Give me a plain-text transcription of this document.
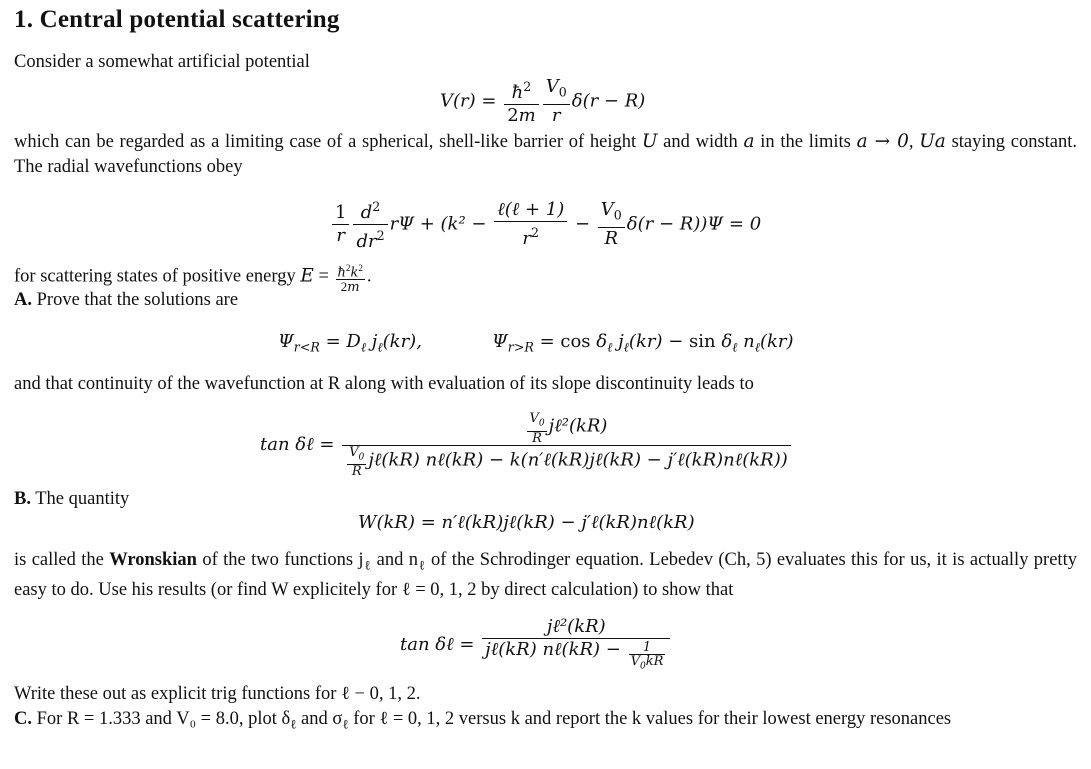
1. Central potential scattering

Consider a somewhat artificial potential

$V(r) = \frac{ħ^2}{2m} \frac{V_0}{r} \delta(r - R)$

which can be regarded as a limiting case of a spherical, shell-like barrier of height U and width a in the limits a → 0, Ua staying constant. The radial wavefunctions obey

$\frac{1}{r} \frac{d^2}{dr^2}$ $r\Psi + (k^2 - \frac{\text{ℓ(ℓ + 1)}}{r^2} - \frac{V_0}{R} \delta(r - R))\Psi = 0$

for scattering states of positive energy $E = \frac{ħ^2k^2}{2m}$ .

A. Prove that the solutions are

$\Psi_{r<R} = D_\ell$ $j_\ell(kr)$,	$\Psi_{r>R} = \cos \delta_\ell$ $j_\ell(kr) - \sin \delta_\ell$ $n_\ell(kr)$

and that continuity of the wavefunction at R along with evaluation of its slope discontinuity leads to

tan δℓ = $\frac{\frac{V_0}{R} j\ell^2(kR)}{\frac{V_0}{R} j\ell(kR) n\ell(kR) - k(n'\ell(kR)j\ell(kR) - j'\ell(kR)n\ell(kR))}$

B. The quantity

W(kR) = n′ℓ(kR)jℓ(kR) − j′ℓ(kR)nℓ(kR)

is called the Wronskian of the two functions $j_\ell$ and $n_\ell$ of the Schrodinger equation. Lebedev (Ch, 5) evaluates this for us, it is actually pretty easy to do. Use his results (or find W explicitely for ℓ = 0, 1, 2 by direct calculation) to show that

tan δℓ = $\frac{\text{jℓ²(kR)}}{j\ell(kR) n\ell(kR) - \frac{1}{V_0kR}}$

Write these out as explicit trig functions for ℓ − 0, 1, 2.

C. For R = 1.333 and V₀ = 8.0, plot $\delta_\ell$ and $\sigma_\ell$ for ℓ = 0, 1, 2 versus k and report the k values for their lowest energy resonances
